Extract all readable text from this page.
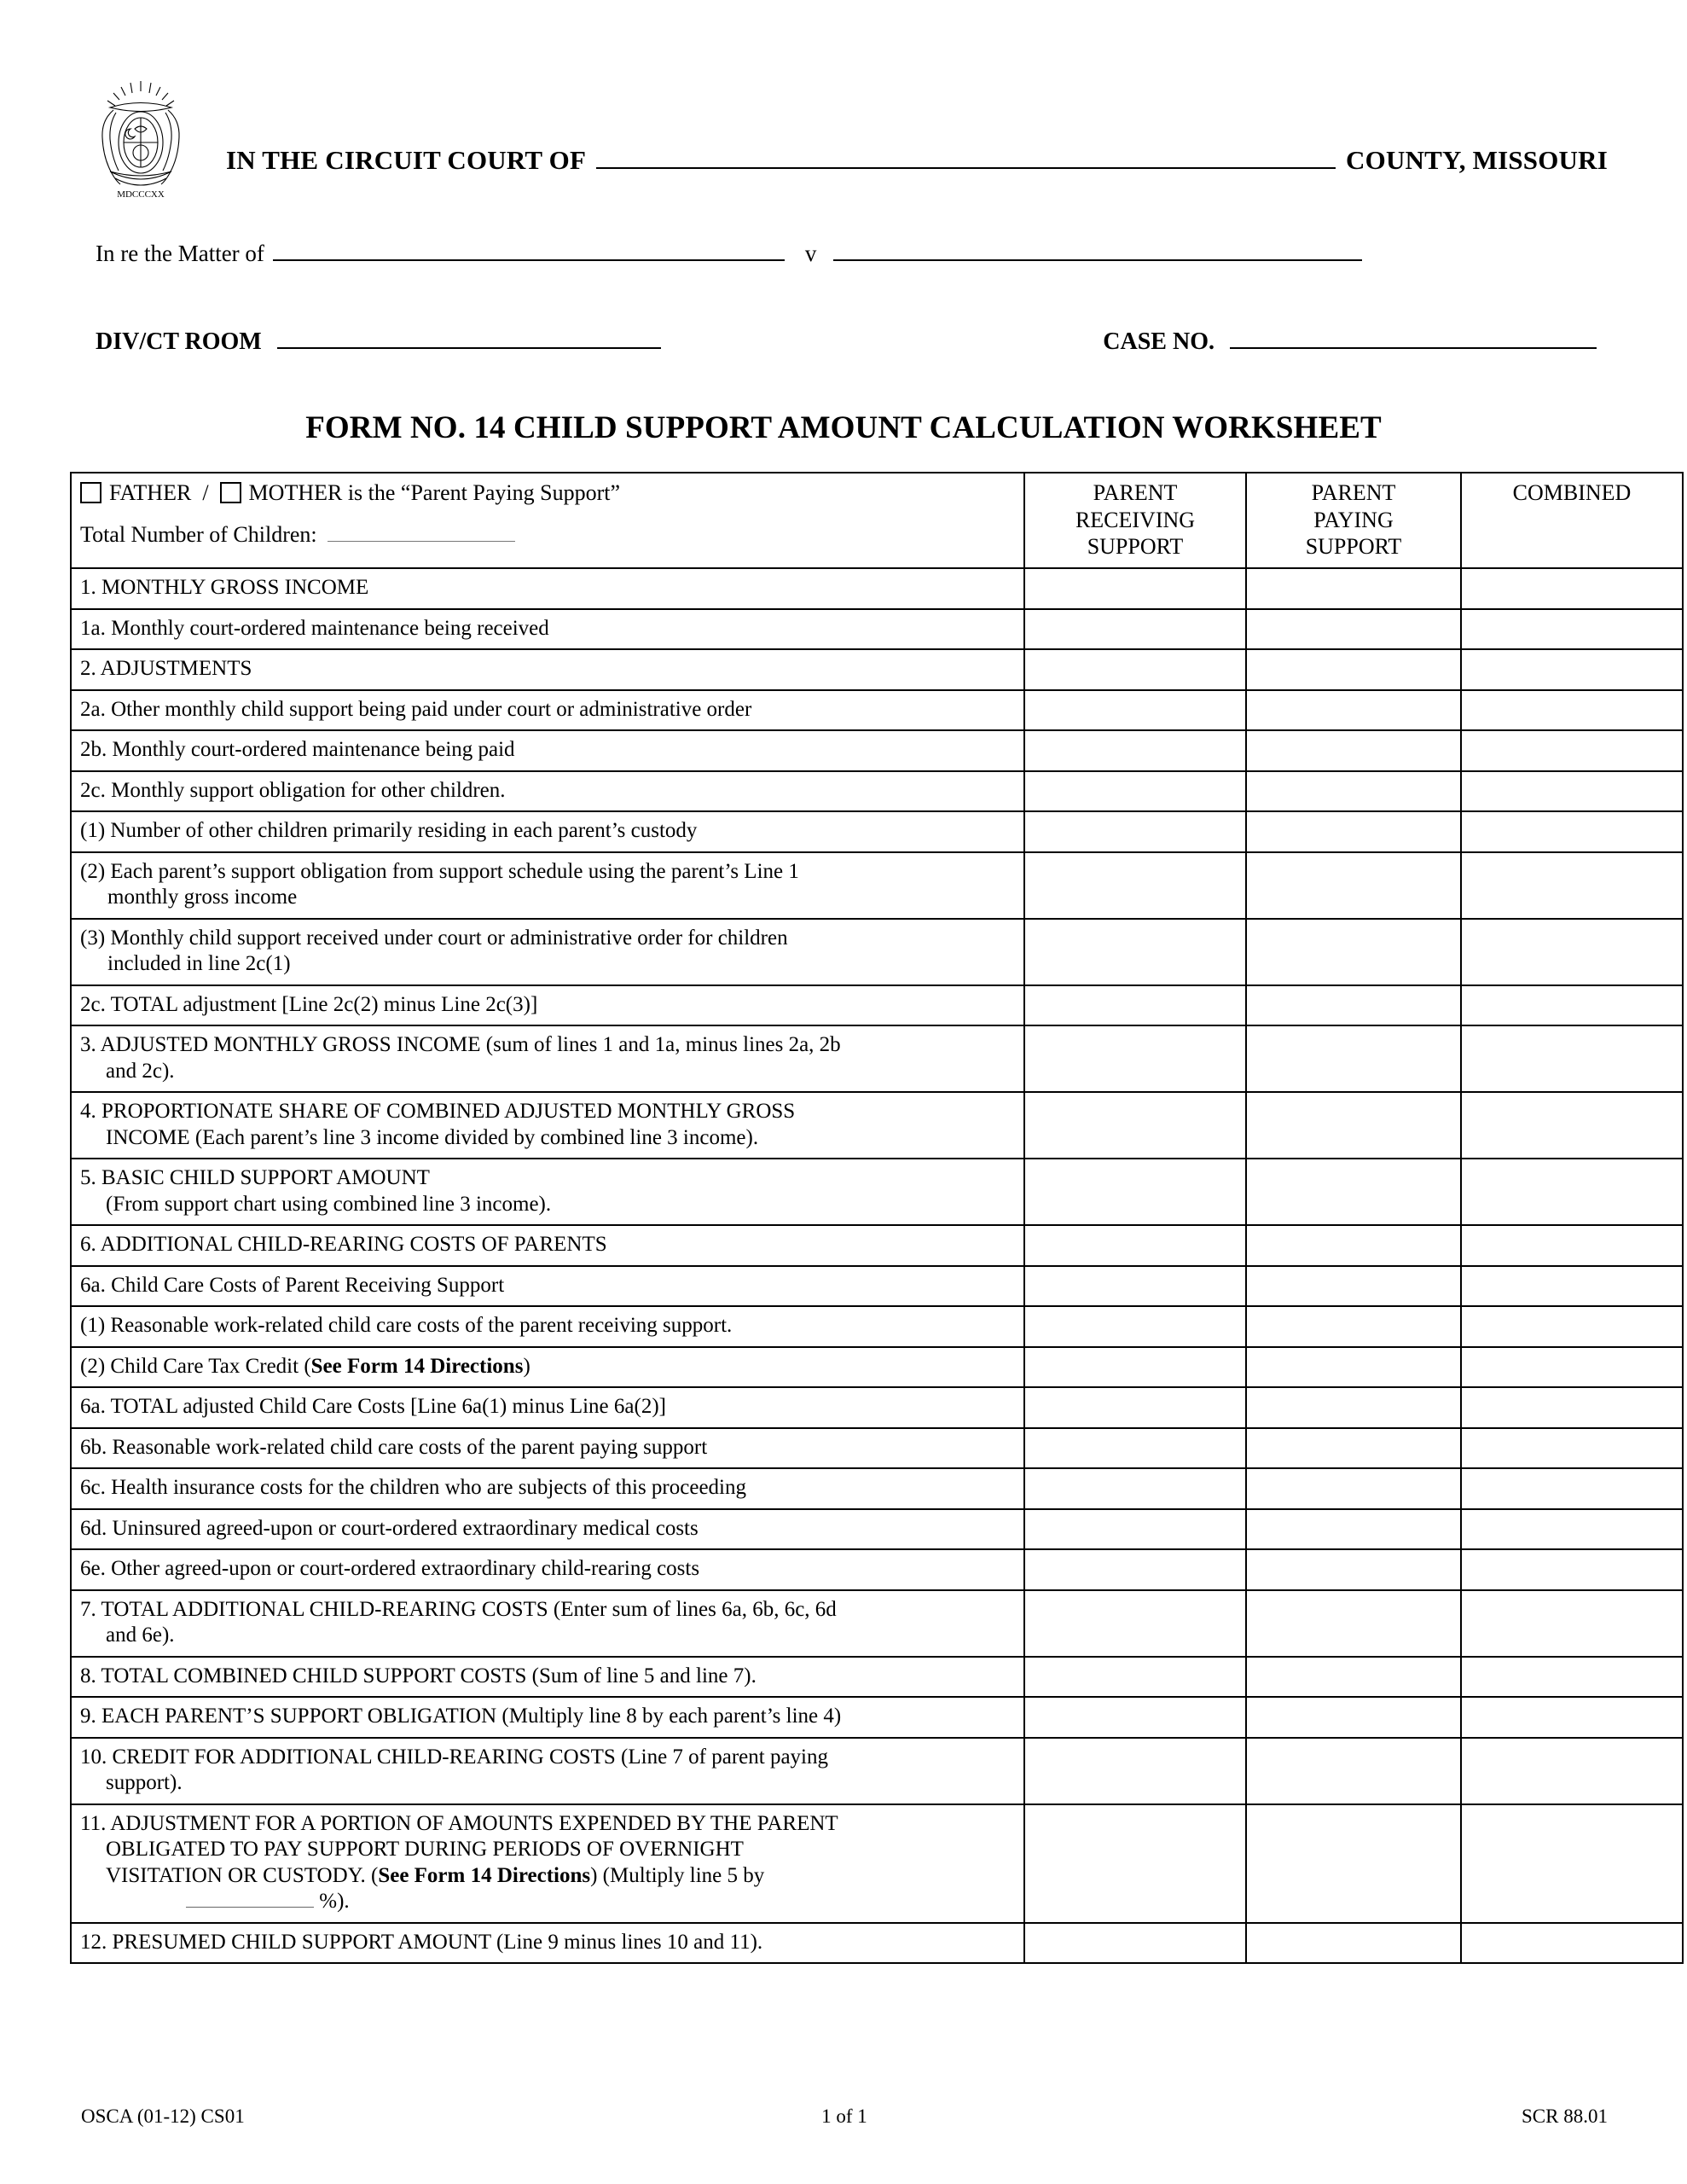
MDCCCXX
IN THE CIRCUIT COURT OF	COUNTY, MISSOURI
In re the Matter of	v
DIV/CT ROOM	CASE NO.
FORM NO. 14 CHILD SUPPORT AMOUNT CALCULATION WORKSHEET
FATHER /	MOTHER is the “Parent Paying Support”
Total Number of Children:

PARENT
RECEIVING
SUPPORT

PARENT
PAYING
SUPPORT

COMBINED

1. MONTHLY GROSS INCOME			
1a. Monthly court-ordered maintenance being received			
2. ADJUSTMENTS			
2a. Other monthly child support being paid under court or administrative order			
2b. Monthly court-ordered maintenance being paid			
2c. Monthly support obligation for other children.			
(1) Number of other children primarily residing in each parent’s custody			
(2) Each parent’s support obligation from support schedule using the parent’s Line 1
monthly gross income			

(3) Monthly child support received under court or administrative order for children
included in line 2c(1)			

2c. TOTAL adjustment [Line 2c(2) minus Line 2c(3)]			
3. ADJUSTED MONTHLY GROSS INCOME (sum of lines 1 and 1a, minus lines 2a, 2b
and 2c).			

4. PROPORTIONATE SHARE OF COMBINED ADJUSTED MONTHLY GROSS
INCOME (Each parent’s line 3 income divided by combined line 3 income).			

5. BASIC CHILD SUPPORT AMOUNT
(From support chart using combined line 3 income).			

6. ADDITIONAL CHILD-REARING COSTS OF PARENTS			
6a. Child Care Costs of Parent Receiving Support			
(1) Reasonable work-related child care costs of the parent receiving support.			
(2) Child Care Tax Credit (See Form 14 Directions)			
6a. TOTAL adjusted Child Care Costs [Line 6a(1) minus Line 6a(2)]			
6b. Reasonable work-related child care costs of the parent paying support			
6c. Health insurance costs for the children who are subjects of this proceeding			
6d. Uninsured agreed-upon or court-ordered extraordinary medical costs			
6e. Other agreed-upon or court-ordered extraordinary child-rearing costs			
7. TOTAL ADDITIONAL CHILD-REARING COSTS (Enter sum of lines 6a, 6b, 6c, 6d
and 6e).			

8. TOTAL COMBINED CHILD SUPPORT COSTS (Sum of line 5 and line 7).			
9. EACH PARENT’S SUPPORT OBLIGATION (Multiply line 8 by each parent’s line 4)			
10. CREDIT FOR ADDITIONAL CHILD-REARING COSTS (Line 7 of parent paying
support).			

11. ADJUSTMENT FOR A PORTION OF AMOUNTS EXPENDED BY THE PARENT
OBLIGATED TO PAY SUPPORT DURING PERIODS OF OVERNIGHT
VISITATION OR CUSTODY. (See Form 14 Directions) (Multiply line 5 by
%).			

12. PRESUMED CHILD SUPPORT AMOUNT (Line 9 minus lines 10 and 11).			
OSCA (01-12) CS01	1 of 1	SCR 88.01
